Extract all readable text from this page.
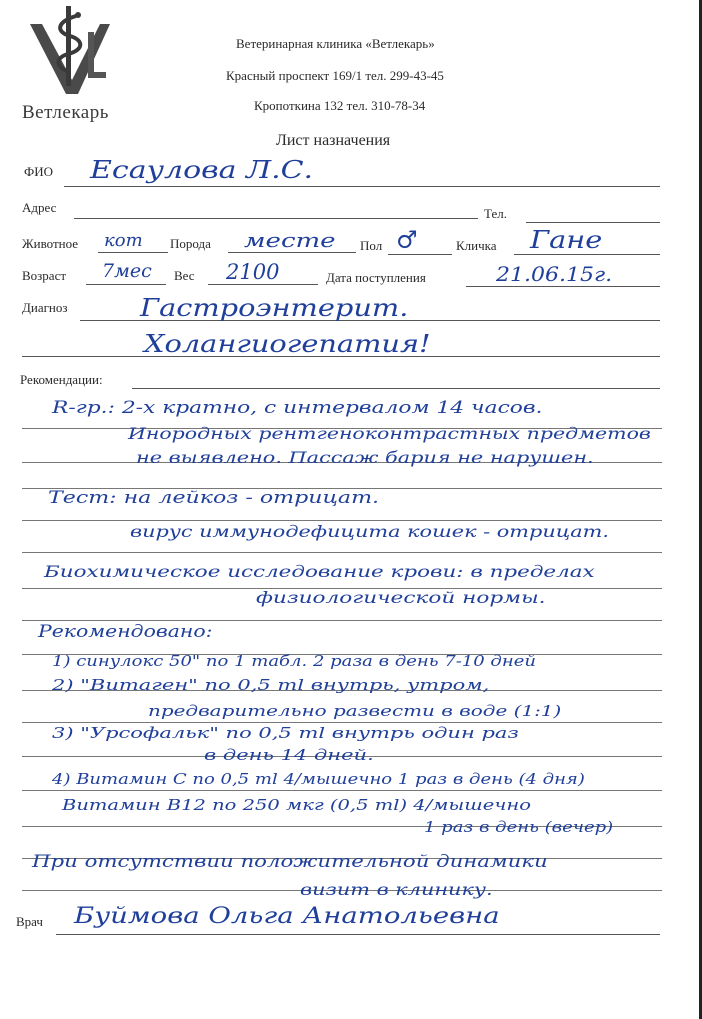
Ветлекарь
Ветеринарная клиника «Ветлекарь»
Красный проспект 169/1 тел. 299-43-45
Кропоткина 132 тел. 310-78-34
Лист назначения
ФИО Есаулова Л.С.
Адрес	Тел.
Животное кот Порода месте Пол ♂	Кличка Гане
Возраст 7мес Вес 2100	Дата поступления	21.06.15г.
Диагноз	Гастроэнтерит.
Холангиогепатия!
Рекомендации:
R-гр.: 2-х кратно, с интервалом 14 часов.
Инородных рентгеноконтрастных предметов
не выявлено. Пассаж бария не нарушен.
Тест: на лейкоз - отрицат.
вирус иммунодефицита кошек - отрицат.
Биохимическое исследование крови: в пределах
физиологической нормы.
Рекомендовано:
1) синулокс 50" по 1 табл. 2 раза в день 7-10 дней
2) "Витаген" по 0,5 ml внутрь, утром,
предварительно развести в воде (1:1)
3) "Урсофальк" по 0,5 ml внутрь один раз
в день 14 дней.
4) Витамин С по 0,5 ml 4/мышечно 1 раз в день (4 дня)
Витамин B12 по 250 мкг (0,5 ml) 4/мышечно
1 раз в день (вечер)
При отсутствии положительной динамики
визит в клинику.
Врач Буймова Ольга Анатольевна
